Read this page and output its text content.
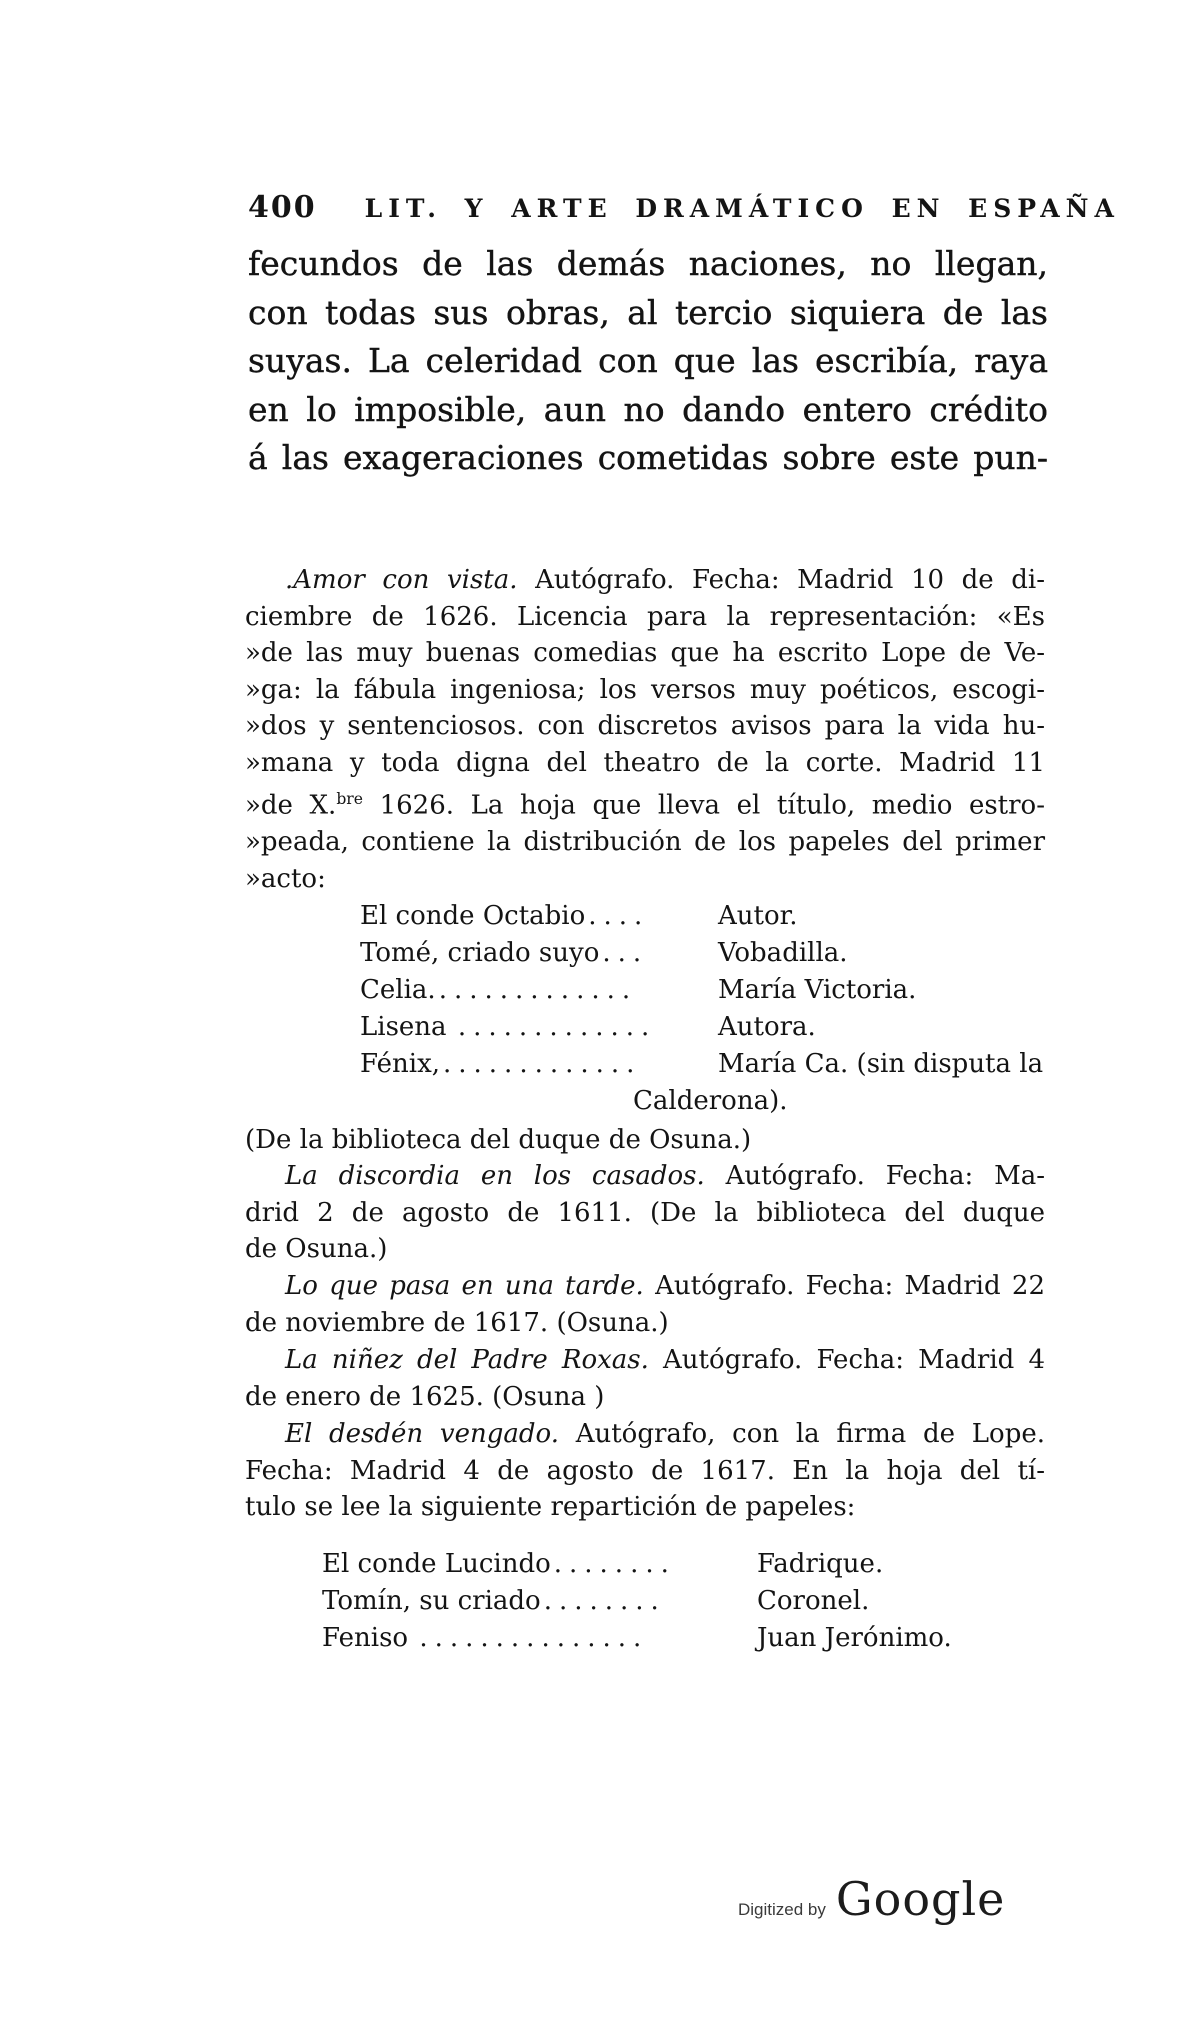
400 LIT. Y ARTE DRAMÁTICO EN ESPAÑA
fecundos de las demás naciones, no llegan,
con todas sus obras, al tercio siquiera de las
suyas. La celeridad con que las escribía, raya
en lo imposible, aun no dando entero crédito
á las exageraciones cometidas sobre este pun-
.Amor con vista. Autógrafo. Fecha: Madrid 10 de di-
ciembre de 1626. Licencia para la representación: «Es
»de las muy buenas comedias que ha escrito Lope de Ve-
»ga: la fábula ingeniosa; los versos muy poéticos, escogi-
»dos y sentenciosos. con discretos avisos para la vida hu-
»mana y toda digna del theatro de la corte. Madrid 11
»de X.$^{bre}$ 1626. La hoja que lleva el título, medio estro-
»peada, contiene la distribución de los papeles del primer
»acto:
El conde Octabio ....	Autor.
Tomé, criado suyo ...	Vobadilla.
Celia. .............	María Victoria.
Lisena ............. Autora.
Fénix, .............	María Ca. (sin disputa la
Calderona).
(De la biblioteca del duque de Osuna.)
La discordia en los casados. Autógrafo. Fecha: Ma-
drid 2 de agosto de 1611. (De la biblioteca del duque
de Osuna.)
Lo que pasa en una tarde. Autógrafo. Fecha: Madrid 22
de noviembre de 1617. (Osuna.)
La niñez del Padre Roxas. Autógrafo. Fecha: Madrid 4
de enero de 1625. (Osuna )
El desdén vengado. Autógrafo, con la firma de Lope.
Fecha: Madrid 4 de agosto de 1617. En la hoja del tí-
tulo se lee la siguiente repartición de papeles:
El conde Lucindo ........	Fadrique.
Tomín, su criado ........	Coronel.
Feniso ...............	Juan Jerónimo.
Digitized by Google
